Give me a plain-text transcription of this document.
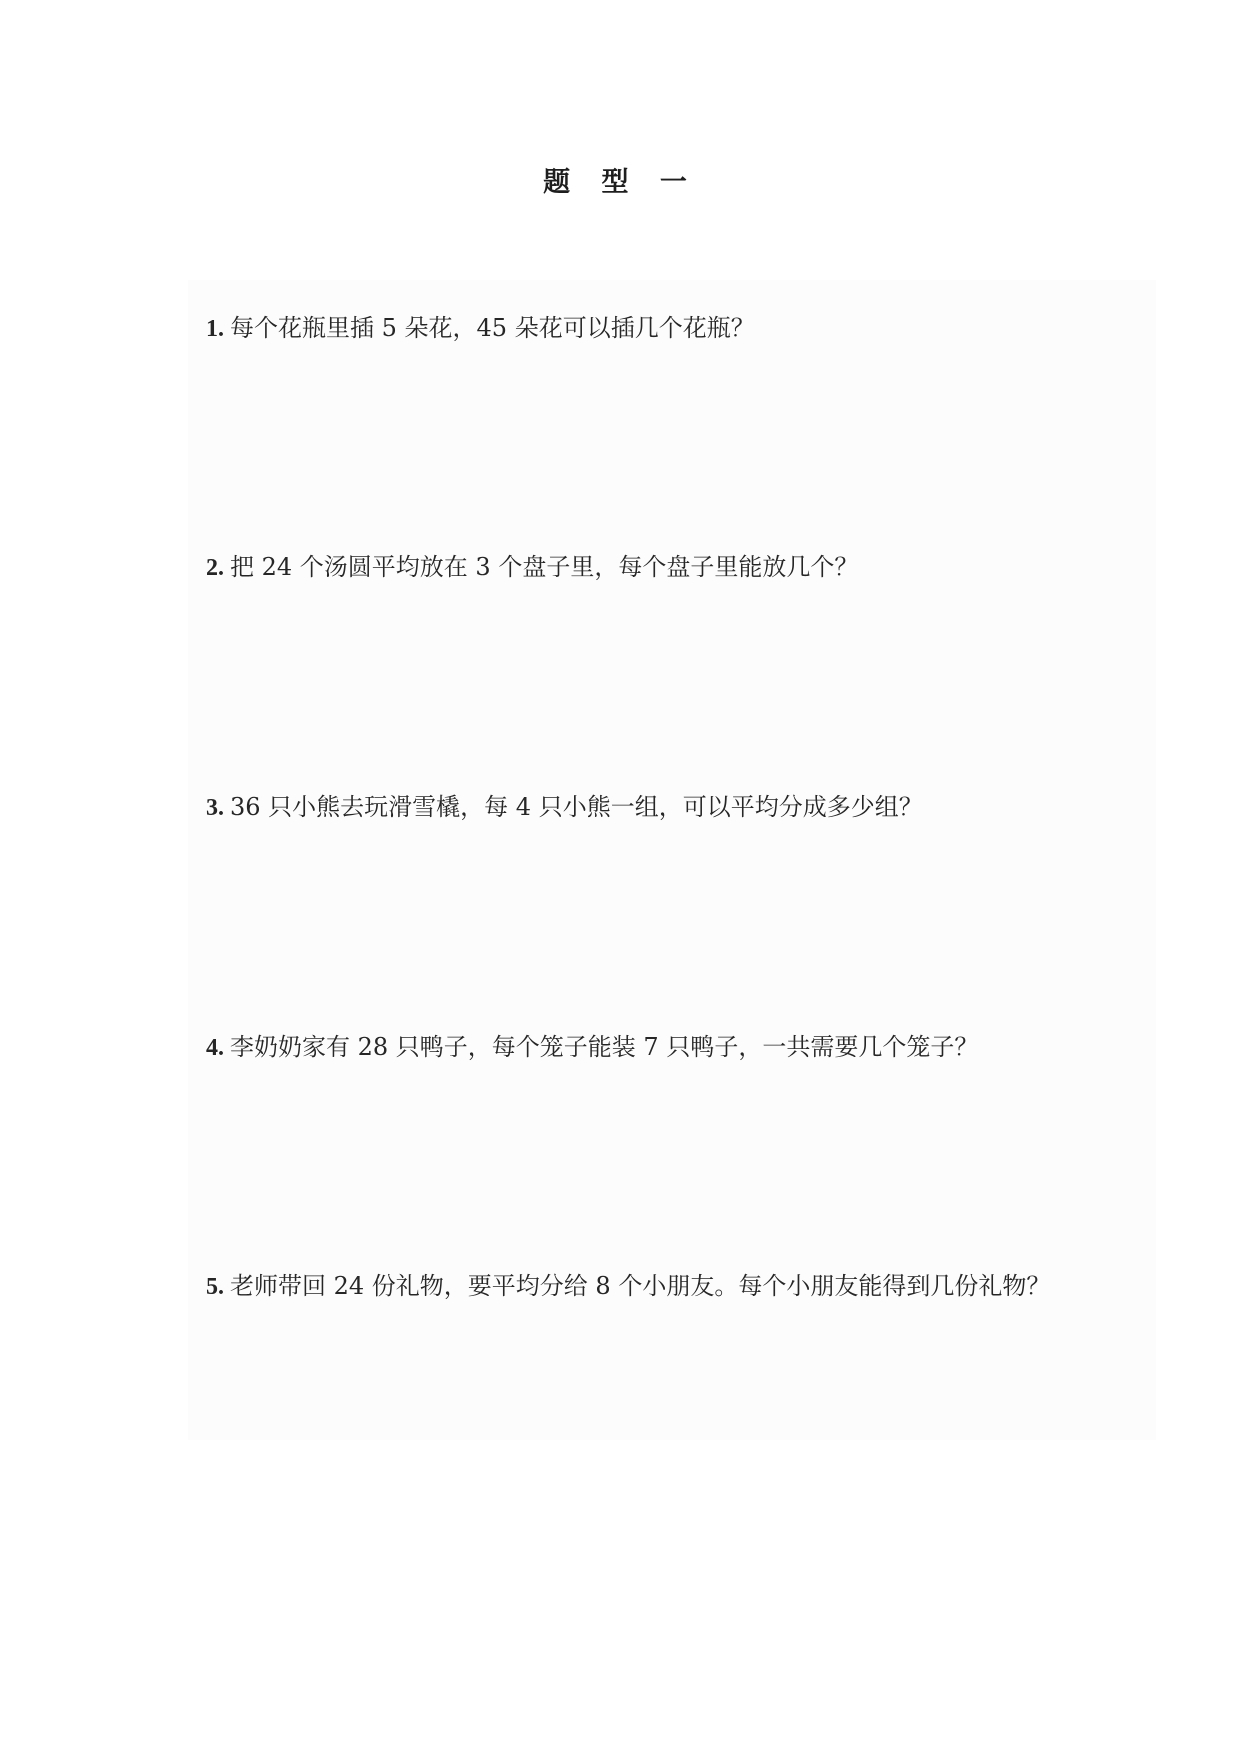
题 型 一
1. 每个花瓶里插 5 朵花，45 朵花可以插几个花瓶？
2. 把 24 个汤圆平均放在 3 个盘子里，每个盘子里能放几个？
3. 36 只小熊去玩滑雪橇，每 4 只小熊一组，可以平均分成多少组？
4. 李奶奶家有 28 只鸭子，每个笼子能装 7 只鸭子，一共需要几个笼子？
5. 老师带回 24 份礼物，要平均分给 8 个小朋友。每个小朋友能得到几份礼物？
